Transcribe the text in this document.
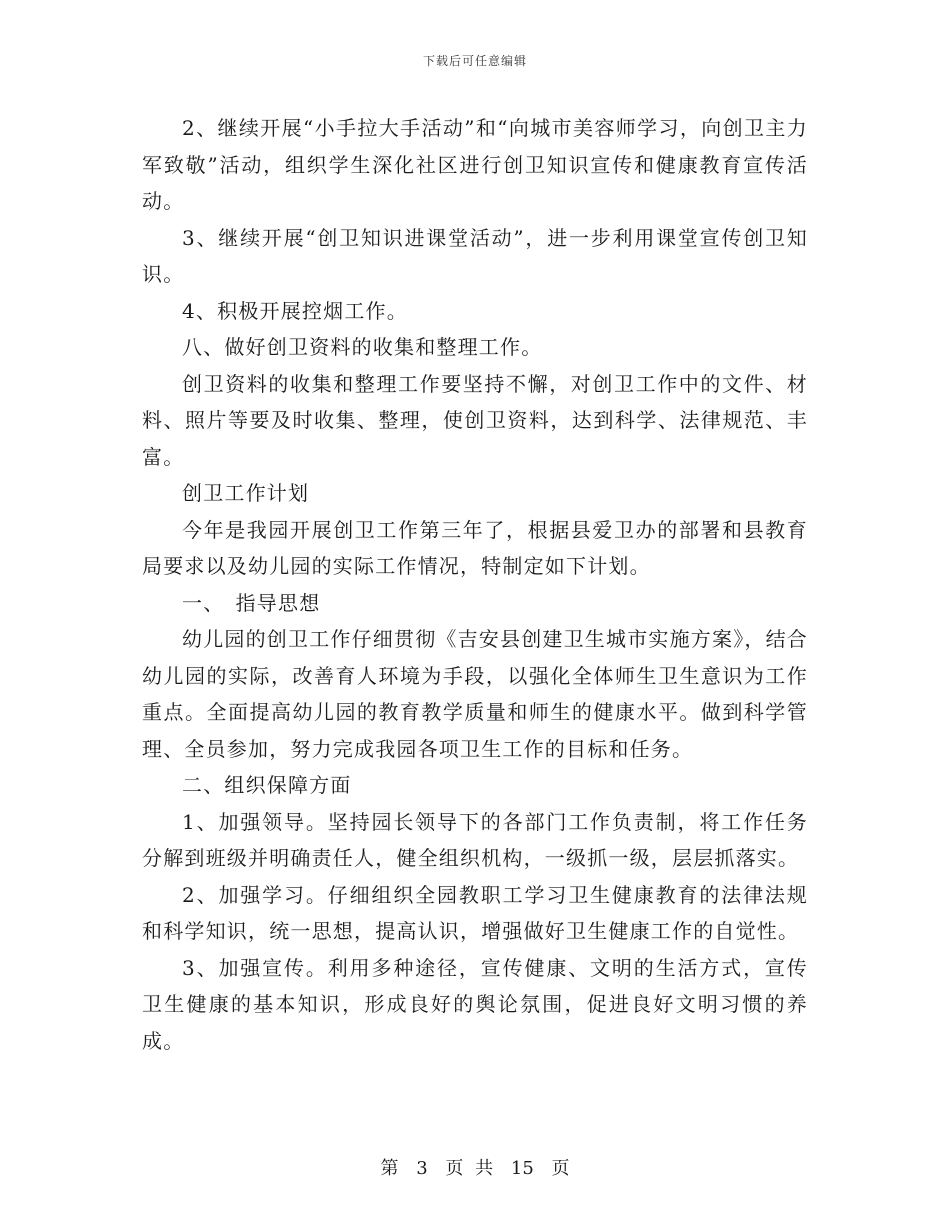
下载后可任意编辑

2、继续开展“小手拉大手活动”和“向城市美容师学习，向创卫主力军致敬”活动，组织学生深化社区进行创卫知识宣传和健康教育宣传活动。

3、继续开展“创卫知识进课堂活动”，进一步利用课堂宣传创卫知识。

4、积极开展控烟工作。

八、做好创卫资料的收集和整理工作。

创卫资料的收集和整理工作要坚持不懈，对创卫工作中的文件、材料、照片等要及时收集、整理，使创卫资料，达到科学、法律规范、丰富。

创卫工作计划

今年是我园开展创卫工作第三年了，根据县爱卫办的部署和县教育局要求以及幼儿园的实际工作情况，特制定如下计划。

一、　指导思想

幼儿园的创卫工作仔细贯彻《吉安县创建卫生城市实施方案》，结合幼儿园的实际，改善育人环境为手段，以强化全体师生卫生意识为工作重点。全面提高幼儿园的教育教学质量和师生的健康水平。做到科学管理、全员参加，努力完成我园各项卫生工作的目标和任务。

二、组织保障方面

1、加强领导。坚持园长领导下的各部门工作负责制，将工作任务分解到班级并明确责任人，健全组织机构，一级抓一级，层层抓落实。

2、加强学习。仔细组织全园教职工学习卫生健康教育的法律法规和科学知识，统一思想，提高认识，增强做好卫生健康工作的自觉性。

3、加强宣传。利用多种途径，宣传健康、文明的生活方式，宣传卫生健康的基本知识，形成良好的舆论氛围，促进良好文明习惯的养成。

第 3 页 共 15 页
